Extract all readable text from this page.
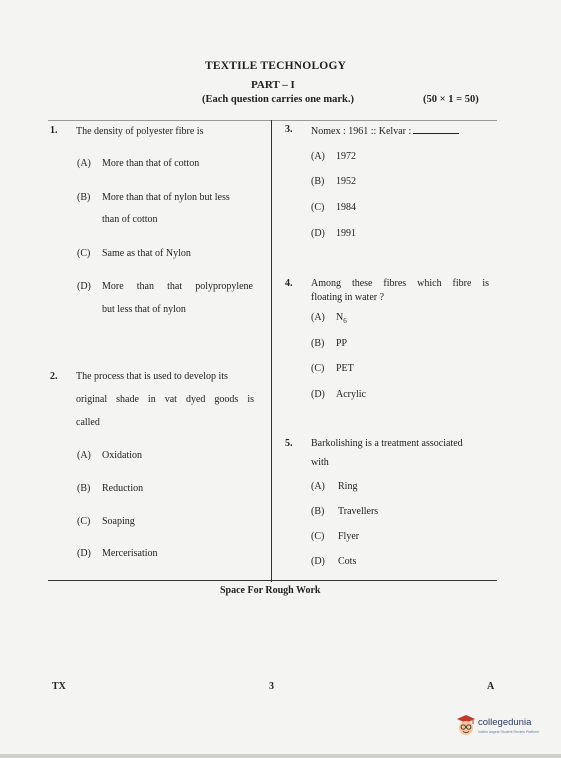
TEXTILE TECHNOLOGY
PART – I
(Each question carries one mark.)	(50 × 1 = 50)
1. The density of polyester fibre is
(A) More than that of cotton
(B) More than that of nylon but less
than of cotton
(C) Same as that of Nylon
(D) More than that polypropylene
but less that of nylon
2. The process that is used to develop its
original shade in vat dyed goods is
called
(A) Oxidation
(B) Reduction
(C) Soaping
(D) Mercerisation
3. Nomex : 1961 :: Kelvar :
(A) 1972
(B) 1952
(C) 1984
(D) 1991
4. Among these fibres which fibre is
floating in water ?
(A) $N_6$
(B) PP
(C) PET
(D) Acrylic
5. Barkolishing is a treatment associated
with
(A) Ring
(B) Travellers
(C) Flyer
(D) Cots
Space For Rough Work
TX	3	A
collegedunia
India's largest Student Review Platform
